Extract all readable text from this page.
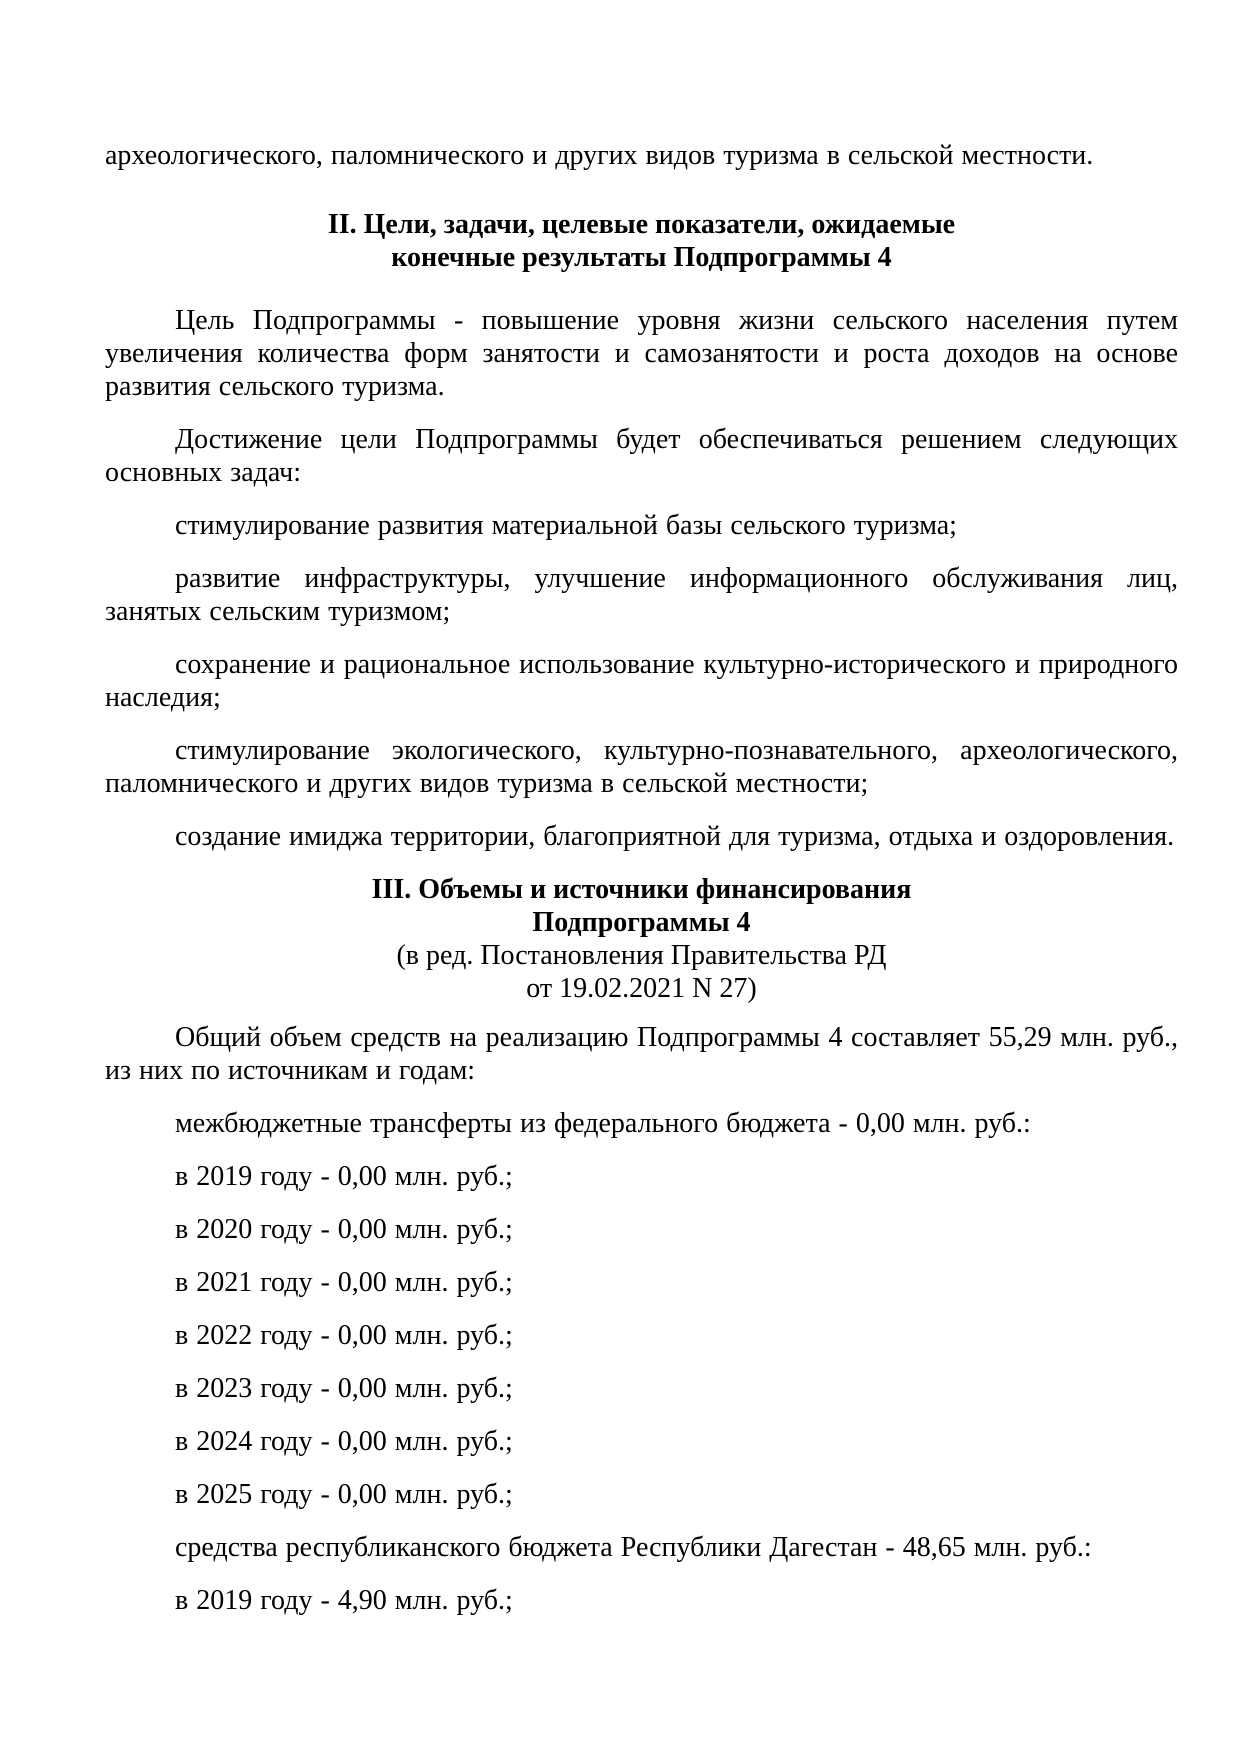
археологического, паломнического и других видов туризма в сельской местности.
II. Цели, задачи, целевые показатели, ожидаемые
конечные результаты Подпрограммы 4
Цель Подпрограммы - повышение уровня жизни сельского населения путем увеличения количества форм занятости и самозанятости и роста доходов на основе развития сельского туризма.
Достижение цели Подпрограммы будет обеспечиваться решением следующих основных задач:
стимулирование развития материальной базы сельского туризма;
развитие инфраструктуры, улучшение информационного обслуживания лиц, занятых сельским туризмом;
сохранение и рациональное использование культурно-исторического и природного наследия;
стимулирование экологического, культурно-познавательного, археологического, паломнического и других видов туризма в сельской местности;
создание имиджа территории, благоприятной для туризма, отдыха и оздоровления.
III. Объемы и источники финансирования
Подпрограммы 4
(в ред. Постановления Правительства РД
от 19.02.2021 N 27)
Общий объем средств на реализацию Подпрограммы 4 составляет 55,29 млн. руб., из них по источникам и годам:
межбюджетные трансферты из федерального бюджета - 0,00 млн. руб.:
в 2019 году - 0,00 млн. руб.;
в 2020 году - 0,00 млн. руб.;
в 2021 году - 0,00 млн. руб.;
в 2022 году - 0,00 млн. руб.;
в 2023 году - 0,00 млн. руб.;
в 2024 году - 0,00 млн. руб.;
в 2025 году - 0,00 млн. руб.;
средства республиканского бюджета Республики Дагестан - 48,65 млн. руб.:
в 2019 году - 4,90 млн. руб.;
